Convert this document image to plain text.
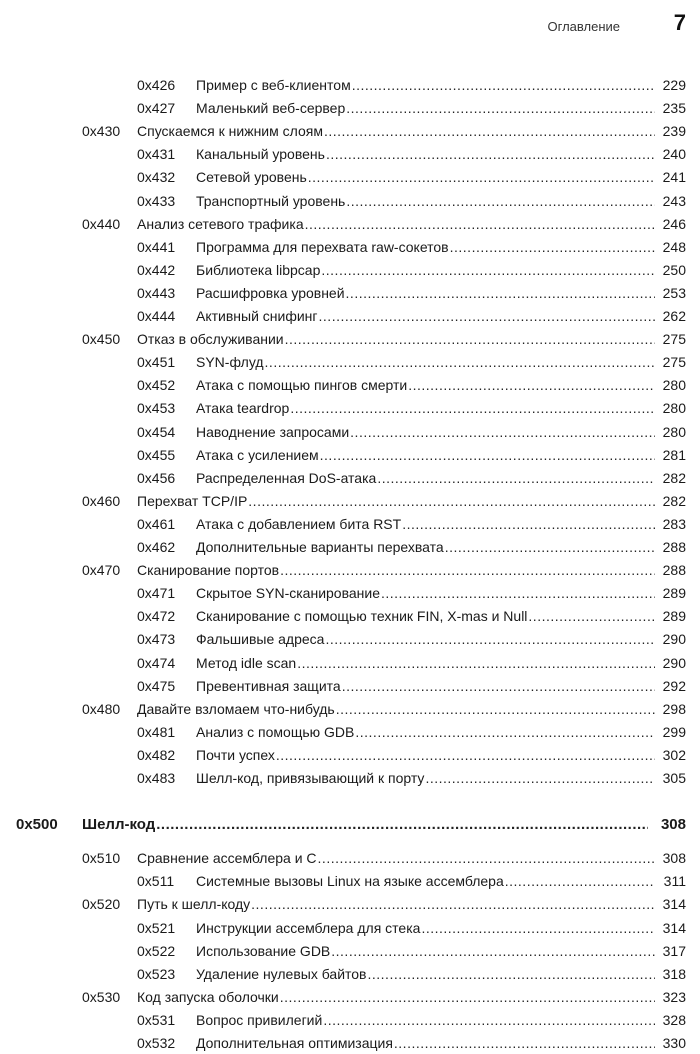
Оглавление 7
0x426 Пример с веб-клиентом .....	229
0x427 Маленький веб-сервер .....	235
0x430 Спускаемся к нижним слоям .....	239
0x431 Канальный уровень .....	240
0x432 Сетевой уровень .....	241
0x433 Транспортный уровень .....	243
0x440 Анализ сетевого трафика .....	246
0x441 Программа для перехвата raw-сокетов .....	248
0x442 Библиотека libpcap .....	250
0x443 Расшифровка уровней .....	253
0x444 Активный снифинг .....	262
0x450 Отказ в обслуживании .....	275
0x451 SYN-флуд .....	275
0x452 Атака с помощью пингов смерти .....	280
0x453 Атака teardrop .....	280
0x454 Наводнение запросами .....	280
0x455 Атака с усилением .....	281
0x456 Распределенная DoS-атака .....	282
0x460 Перехват TCP/IP .....	282
0x461 Атака с добавлением бита RST .....	283
0x462 Дополнительные варианты перехвата .....	288
0x470 Сканирование портов .....	288
0x471 Скрытое SYN-сканирование .....	289
0x472 Сканирование с помощью техник FIN, X-mas и Null .....	289
0x473 Фальшивые адреса .....	290
0x474 Метод idle scan .....	290
0x475 Превентивная защита .....	292
0x480 Давайте взломаем что-нибудь .....	298
0x481 Анализ с помощью GDB .....	299
0x482 Почти успех .....	302
0x483 Шелл-код, привязывающий к порту .....	305
0x500 Шелл-код .....	308
0x510 Сравнение ассемблера и C .....	308
0x511 Системные вызовы Linux на языке ассемблера .....	311
0x520 Путь к шелл-коду .....	314
0x521 Инструкции ассемблера для стека .....	314
0x522 Использование GDB .....	317
0x523 Удаление нулевых байтов .....	318
0x530 Код запуска оболочки .....	323
0x531 Вопрос привилегий .....	328
0x532 Дополнительная оптимизация .....	330
